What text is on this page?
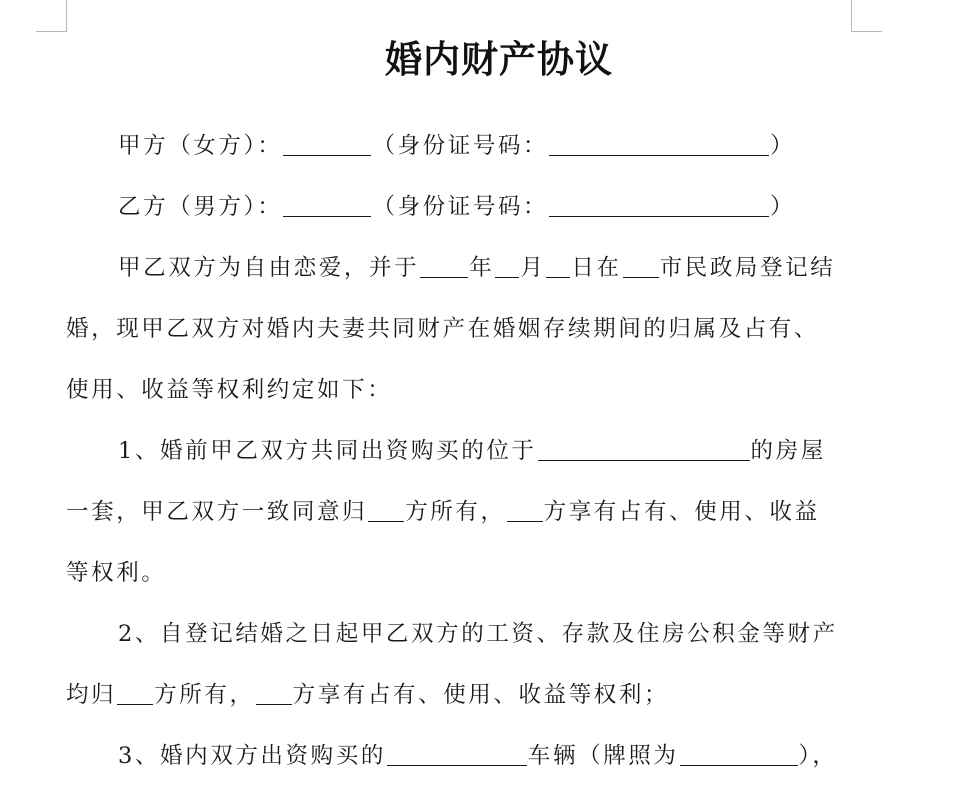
婚内财产协议
甲方（女方）：	（身份证号码：	）
乙方（男方）：	（身份证号码：	）
甲乙双方为自由恋爱，并于 年 月 日在 市民政局登记结
婚，现甲乙双方对婚内夫妻共同财产在婚姻存续期间的归属及占有、
使用、收益等权利约定如下：
1、婚前甲乙双方共同出资购买的位于	的房屋
一套，甲乙双方一致同意归 方所有， 方享有占有、使用、收益
等权利。
2、自登记结婚之日起甲乙双方的工资、存款及住房公积金等财产
均归 方所有， 方享有占有、使用、收益等权利；
3、婚内双方出资购买的	车辆（牌照为	），
